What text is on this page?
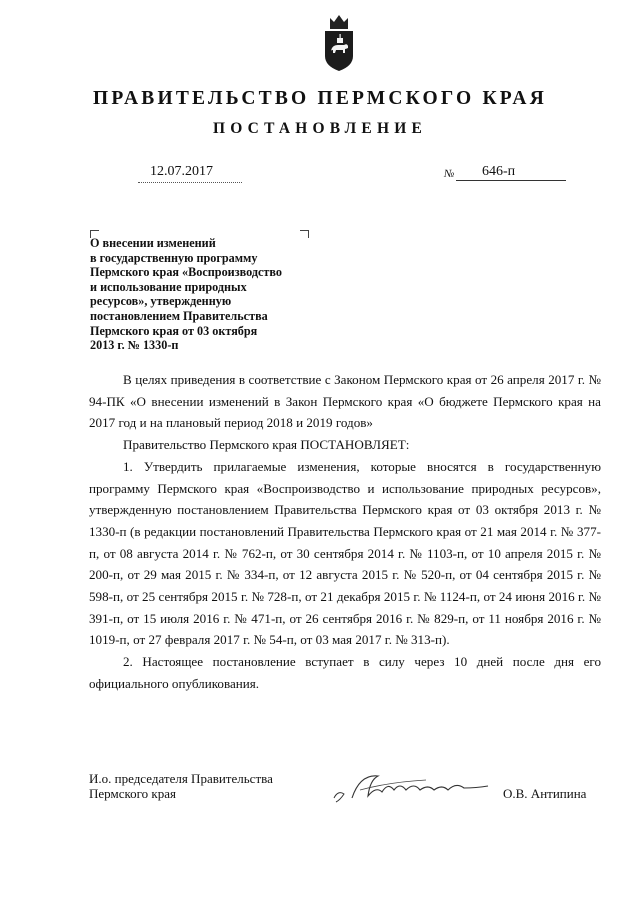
ПРАВИТЕЛЬСТВО ПЕРМСКОГО КРАЯ
ПОСТАНОВЛЕНИЕ
12.07.2017	№ 646-п
О внесении изменений
в государственную программу
Пермского края «Воспроизводство
и использование природных
ресурсов», утвержденную
постановлением Правительства
Пермского края от 03 октября
2013 г. № 1330-п

В целях приведения в соответствие с Законом Пермского края от 26 апреля 2017 г. № 94-ПК «О внесении изменений в Закон Пермского края «О бюджете Пермского края на 2017 год и на плановый период 2018 и 2019 годов»

Правительство Пермского края ПОСТАНОВЛЯЕТ:

1. Утвердить прилагаемые изменения, которые вносятся в государственную программу Пермского края «Воспроизводство и использование природных ресурсов», утвержденную постановлением Правительства Пермского края от 03 октября 2013 г. № 1330-п (в редакции постановлений Правительства Пермского края от 21 мая 2014 г. № 377-п, от 08 августа 2014 г. № 762-п, от 30 сентября 2014 г. № 1103-п, от 10 апреля 2015 г. № 200-п, от 29 мая 2015 г. № 334-п, от 12 августа 2015 г. № 520-п, от 04 сентября 2015 г. № 598-п, от 25 сентября 2015 г. № 728-п, от 21 декабря 2015 г. № 1124-п, от 24 июня 2016 г. № 391-п, от 15 июля 2016 г. № 471-п, от 26 сентября 2016 г. № 829-п, от 11 ноября 2016 г. № 1019-п, от 27 февраля 2017 г. № 54-п, от 03 мая 2017 г. № 313-п).

2. Настоящее постановление вступает в силу через 10 дней после дня его официального опубликования.

И.о. председателя Правительства
Пермского края	О.В. Антипина
